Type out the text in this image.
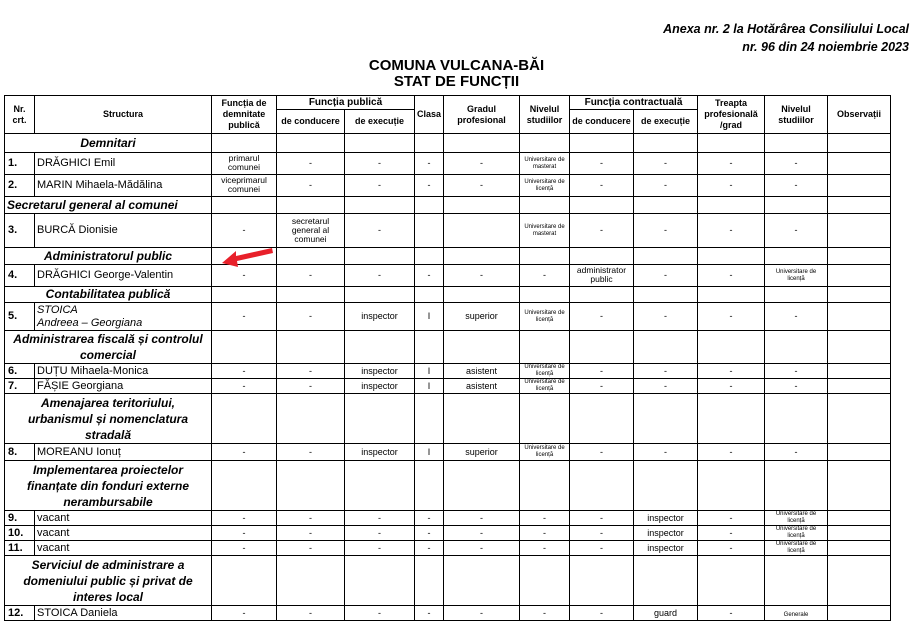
Anexa nr. 2 la Hotărârea Consiliului Local
nr. 96 din 24 noiembrie 2023
COMUNA VULCANA-BĂI
STAT DE FUNCȚII
Nr. crt.	Structura	Funcția de demnitate publică	Funcția publică		Clasa	Gradul profesional	Nivelul studiilor	Funcția contractuală		Treapta profesională /grad	Nivelul studiilor	Observații
			de conducere	de execuție				de conducere	de execuție			
Demnitari												
1.	DRĂGHICI Emil	primarul comunei	-	-	-	-	Universitare de masterat	-	-	-	-	
2.	MARIN Mihaela-Mădălina	viceprimarul comunei	-	-	-	-	Universitare de licență	-	-	-	-	
Secretarul general al comunei												
3.	BURCĂ Dionisie	-	secretarul general al comunei	-			Universitare de masterat	-	-	-	-	
Administratorul public												
4.	DRĂGHICI George-Valentin	-	-	-	-	-	-	administrator public	-	-	Universitare de licență	
Contabilitatea publică												
5.	STOICA
Andreea – Georgiana	-	-	inspector	I	superior	Universitare de licență	-	-	-	-	
Administrarea fiscală și controlul comercial												
6.	DUȚU Mihaela-Monica	-	-	inspector	I	asistent	Universitare de licență	-	-	-	-	
7.	FĂȘIE Georgiana	-	-	inspector	I	asistent	Universitare de licență	-	-	-	-	
Amenajarea teritoriului, urbanismul și nomenclatura stradală												
8.	MOREANU Ionuț	-	-	inspector	I	superior	Universitare de licență	-	-	-	-	
Implementarea proiectelor finanțate din fonduri externe nerambursabile												
9.	vacant	-	-	-	-	-	-	-	inspector	-	Universitare de licență	
10.	vacant	-	-	-	-	-	-	-	inspector	-	Universitare de licență	
11.	vacant	-	-	-	-	-	-	-	inspector	-	Universitare de licență	
Serviciul de administrare a domeniului public și privat de interes local												
12.	STOICA Daniela	-	-	-	-	-	-	-	guard	-	Generale	
